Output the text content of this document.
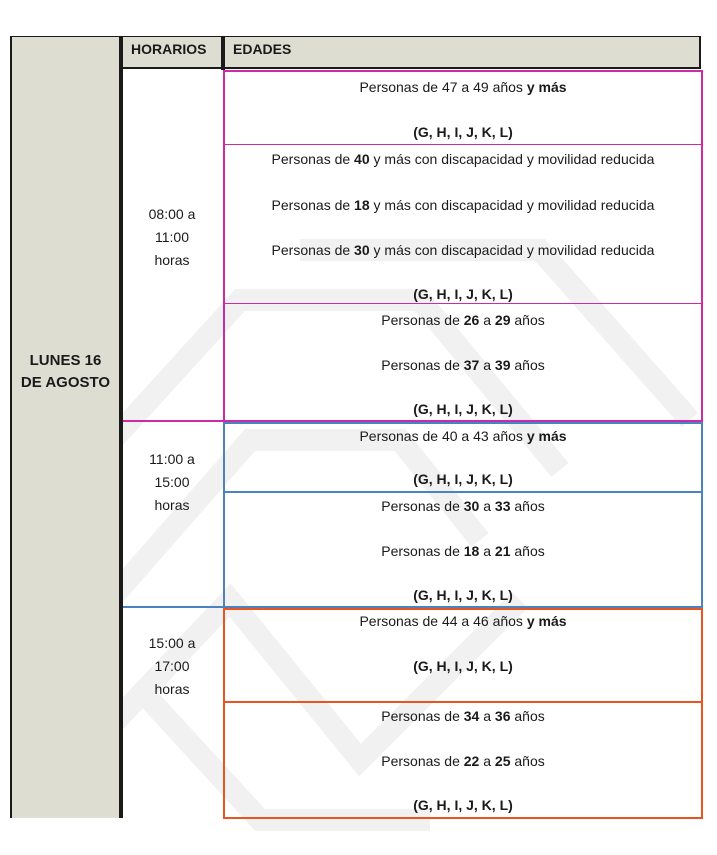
LUNES 16
DE AGOSTO
HORARIOS	EDADES
08:00 a
11:00
horas
11:00 a
15:00
horas
15:00 a
17:00
horas
Personas de 47 a 49 años y más
(G, H, I, J, K, L)
Personas de 40 y más con discapacidad y movilidad reducida
Personas de 18 y más con discapacidad y movilidad reducida
Personas de 30 y más con discapacidad y movilidad reducida
(G, H, I, J, K, L)
Personas de 26 a 29 años
Personas de 37 a 39 años
(G, H, I, J, K, L)
Personas de 40 a 43 años y más
(G, H, I, J, K, L)
Personas de 30 a 33 años
Personas de 18 a 21 años
(G, H, I, J, K, L)
Personas de 44 a 46 años y más
(G, H, I, J, K, L)
Personas de 34 a 36 años
Personas de 22 a 25 años
(G, H, I, J, K, L)
